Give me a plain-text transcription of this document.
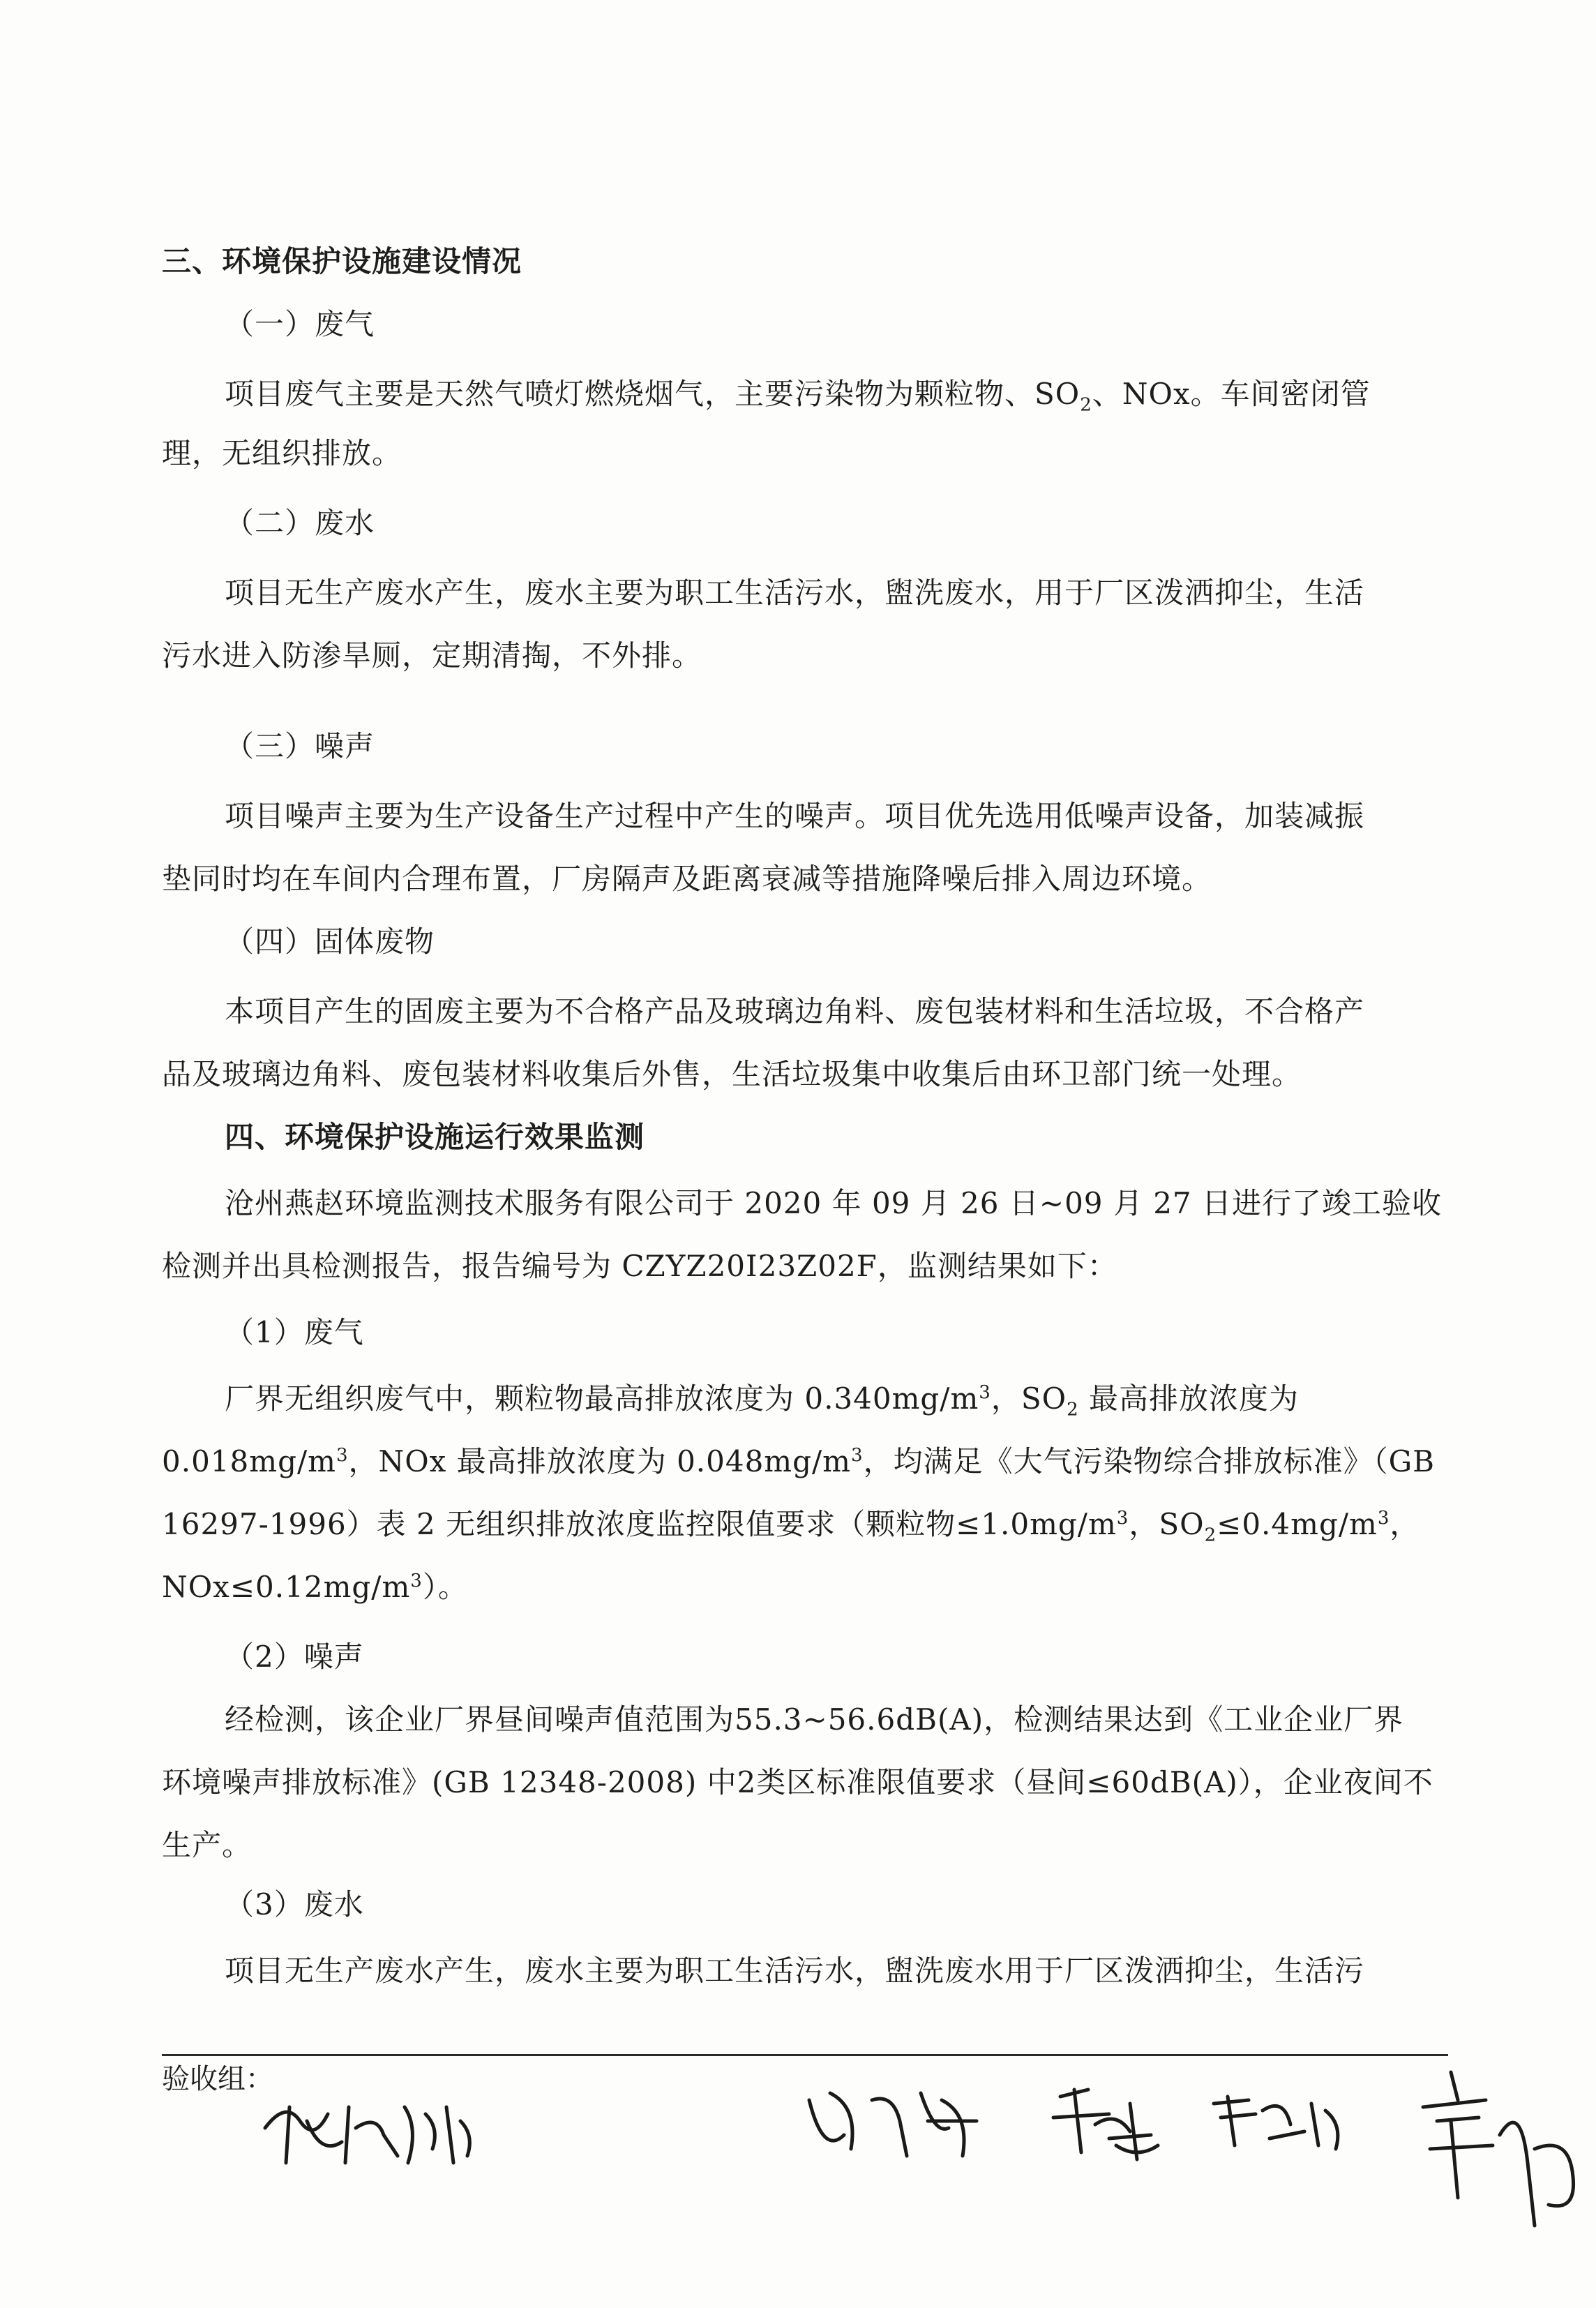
三、环境保护设施建设情况
（一）废气
项目废气主要是天然气喷灯燃烧烟气，主要污染物为颗粒物、$SO_2$、NOx。车间密闭管
理，无组织排放。
（二）废水
项目无生产废水产生，废水主要为职工生活污水，盥洗废水，用于厂区泼洒抑尘，生活
污水进入防渗旱厕，定期清掏，不外排。
（三）噪声
项目噪声主要为生产设备生产过程中产生的噪声。项目优先选用低噪声设备，加装减振
垫同时均在车间内合理布置，厂房隔声及距离衰减等措施降噪后排入周边环境。
（四）固体废物
本项目产生的固废主要为不合格产品及玻璃边角料、废包装材料和生活垃圾，不合格产
品及玻璃边角料、废包装材料收集后外售，生活垃圾集中收集后由环卫部门统一处理。
四、环境保护设施运行效果监测
沧州燕赵环境监测技术服务有限公司于 2020 年 09 月 26 日~09 月 27 日进行了竣工验收
检测并出具检测报告，报告编号为 CZYZ20I23Z02F，监测结果如下：
（1）废气
厂界无组织废气中，颗粒物最高排放浓度为 $0.340mg/m^3$，$SO_2$ 最高排放浓度为
$0.018mg/m^3$，NOx 最高排放浓度为 $0.048mg/m^3$，均满足《大气污染物综合排放标准》（GB
16297-1996）表 2 无组织排放浓度监控限值要求（颗粒物$\le 1.0mg/m^3$，$SO_2\le 0.4mg/m^3$，
$NOx\le 0.12mg/m^3$）。
（2）噪声
经检测，该企业厂界昼间噪声值范围为55.3~56.6dB(A)，检测结果达到《工业企业厂界
环境噪声排放标准》(GB 12348-2008) 中2类区标准限值要求（昼间≤60dB(A)），企业夜间不
生产。
（3）废水
项目无生产废水产生，废水主要为职工生活污水，盥洗废水用于厂区泼洒抑尘，生活污
验收组：
